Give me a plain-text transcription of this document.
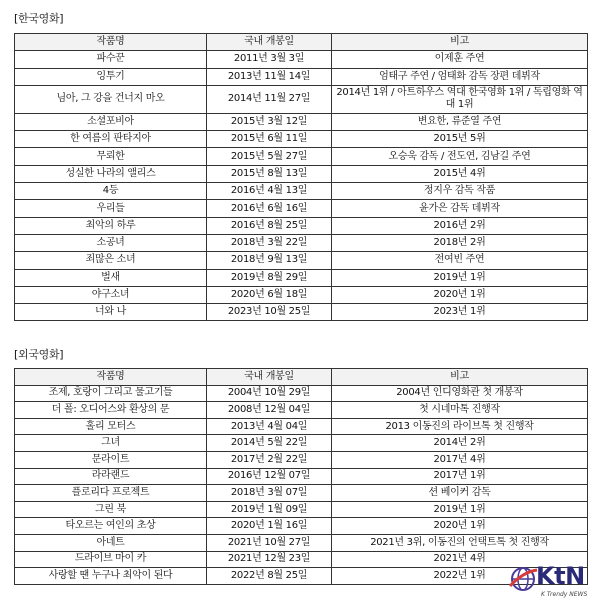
[한국영화]
작품명	국내 개봉일	비고
파수꾼	2011년 3월 3일	이제훈 주연
잉투기	2013년 11월 14일	엄태구 주연 / 엄태화 감독 장편 데뷔작
님아, 그 강을 건너지 마오	2014년 11월 27일	2014년 1위 / 아트하우스 역대 한국영화 1위 / 독립영화 역대 1위
소셜포비아	2015년 3월 12일	변요한, 류준열 주연
한 여름의 판타지아	2015년 6월 11일	2015년 5위
무뢰한	2015년 5월 27일	오승욱 감독 / 전도연, 김남길 주연
성실한 나라의 앨리스	2015년 8월 13일	2015년 4위
4등	2016년 4월 13일	정지우 감독 작품
우리들	2016년 6월 16일	윤가은 감독 데뷔작
최악의 하루	2016년 8월 25일	2016년 2위
소공녀	2018년 3월 22일	2018년 2위
죄많은 소녀	2018년 9월 13일	전여빈 주연
벌새	2019년 8월 29일	2019년 1위
야구소녀	2020년 6월 18일	2020년 1위
너와 나	2023년 10월 25일	2023년 1위
[외국영화]
작품명	국내 개봉일	비고
조제, 호랑이 그리고 물고기들	2004년 10월 29일	2004년 인디영화관 첫 개봉작
더 폴: 오디어스와 환상의 문	2008년 12월 04일	첫 시네마톡 진행작
홀리 모터스	2013년 4월 04일	2013 이동진의 라이브톡 첫 진행작
그녀	2014년 5월 22일	2014년 2위
문라이트	2017년 2월 22일	2017년 4위
라라랜드	2016년 12월 07일	2017년 1위
플로리다 프로젝트	2018년 3월 07일	션 베이커 감독
그린 북	2019년 1월 09일	2019년 1위
타오르는 여인의 초상	2020년 1월 16일	2020년 1위
아네트	2021년 10월 27일	2021년 3위, 이동진의 언택트톡 첫 진행작
드라이브 마이 카	2021년 12월 23일	2021년 4위
사랑할 땐 누구나 최악이 된다	2022년 8월 25일	2022년 1위 KtN
K Trendy NEWS
